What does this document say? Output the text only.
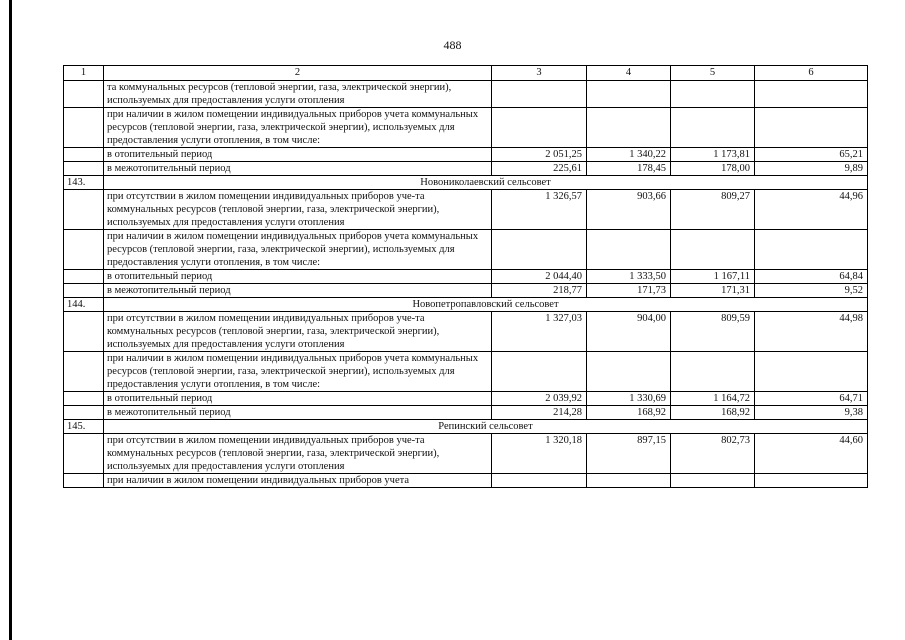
488
1	2	3	4	5	6
	та коммунальных ресурсов (тепловой энергии, газа, электрической энергии), используемых для предоставления услуги отопления				
	при наличии в жилом помещении индивидуальных приборов учета коммунальных ресурсов (тепловой энергии, газа, электрической энергии), используемых для предоставления услуги отопления, в том числе:				
	в отопительный период	2 051,25	1 340,22	1 173,81	65,21
	в межотопительный период	225,61	178,45	178,00	9,89
143.	Новониколаевский сельсовет				
	при отсутствии в жилом помещении индивидуальных приборов уче-та коммунальных ресурсов (тепловой энергии, газа, электрической энергии), используемых для предоставления услуги отопления	1 326,57	903,66	809,27	44,96
	при наличии в жилом помещении индивидуальных приборов учета коммунальных ресурсов (тепловой энергии, газа, электрической энергии), используемых для предоставления услуги отопления, в том числе:				
	в отопительный период	2 044,40	1 333,50	1 167,11	64,84
	в межотопительный период	218,77	171,73	171,31	9,52
144.	Новопетропавловский сельсовет				
	при отсутствии в жилом помещении индивидуальных приборов уче-та коммунальных ресурсов (тепловой энергии, газа, электрической энергии), используемых для предоставления услуги отопления	1 327,03	904,00	809,59	44,98
	при наличии в жилом помещении индивидуальных приборов учета коммунальных ресурсов (тепловой энергии, газа, электрической энергии), используемых для предоставления услуги отопления, в том числе:				
	в отопительный период	2 039,92	1 330,69	1 164,72	64,71
	в межотопительный период	214,28	168,92	168,92	9,38
145.	Репинский сельсовет				
	при отсутствии в жилом помещении индивидуальных приборов уче-та коммунальных ресурсов (тепловой энергии, газа, электрической энергии), используемых для предоставления услуги отопления	1 320,18	897,15	802,73	44,60
	при наличии в жилом помещении индивидуальных приборов учета				
